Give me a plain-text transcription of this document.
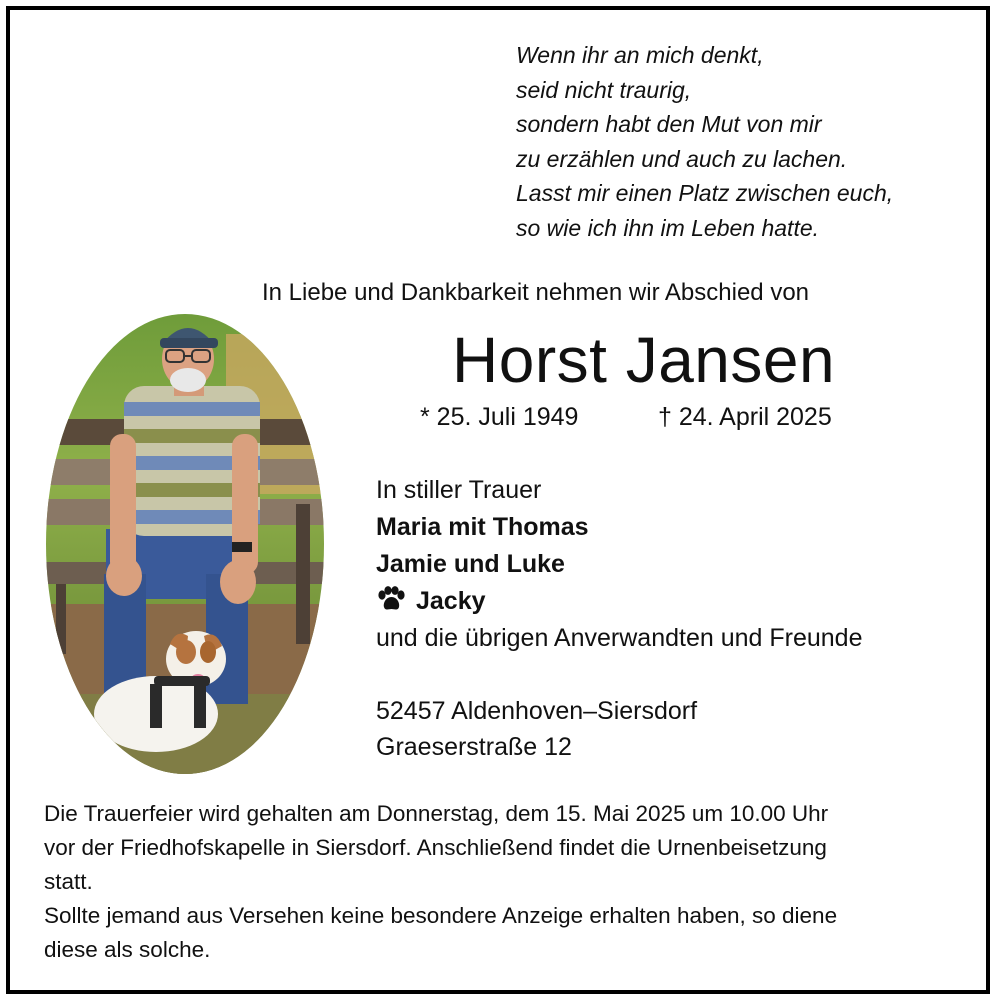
Wenn ihr an mich denkt,
seid nicht traurig,
sondern habt den Mut von mir
zu erzählen und auch zu lachen.
Lasst mir einen Platz zwischen euch,
so wie ich ihn im Leben hatte.
In Liebe und Dankbarkeit nehmen wir Abschied von
Horst Jansen
* 25. Juli 1949	† 24. April 2025
In stiller Trauer
Maria mit Thomas
Jamie und Luke
Jacky
und die übrigen Anverwandten und Freunde
52457 Aldenhoven–Siersdorf
Graeserstraße 12
Die Trauerfeier wird gehalten am Donnerstag, dem 15. Mai 2025 um 10.00 Uhr
vor der Friedhofskapelle in Siersdorf. Anschließend findet die Urnenbeisetzung
statt.
Sollte jemand aus Versehen keine besondere Anzeige erhalten haben, so diene
diese als solche.
